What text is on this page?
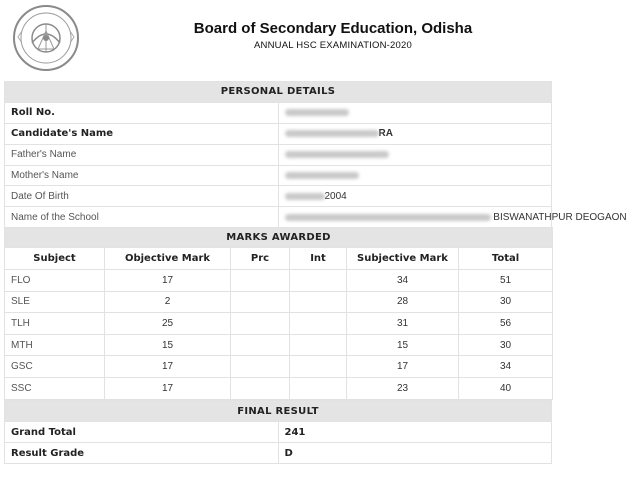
Board of Secondary Education, Odisha
ANNUAL HSC EXAMINATION-2020
PERSONAL DETAILS	
Roll No.	
Candidate's Name	RA
Father's Name	
Mother's Name	
Date Of Birth	2004
Name of the School	BISWANATHPUR DEOGAON
MARKS AWARDED					
Subject	Objective Mark	Prc	Int	Subjective Mark	Total
FLO	17			34	51
SLE	2			28	30
TLH	25			31	56
MTH	15			15	30
GSC	17			17	34
SSC	17			23	40
FINAL RESULT	
Grand Total	241
Result Grade	D
